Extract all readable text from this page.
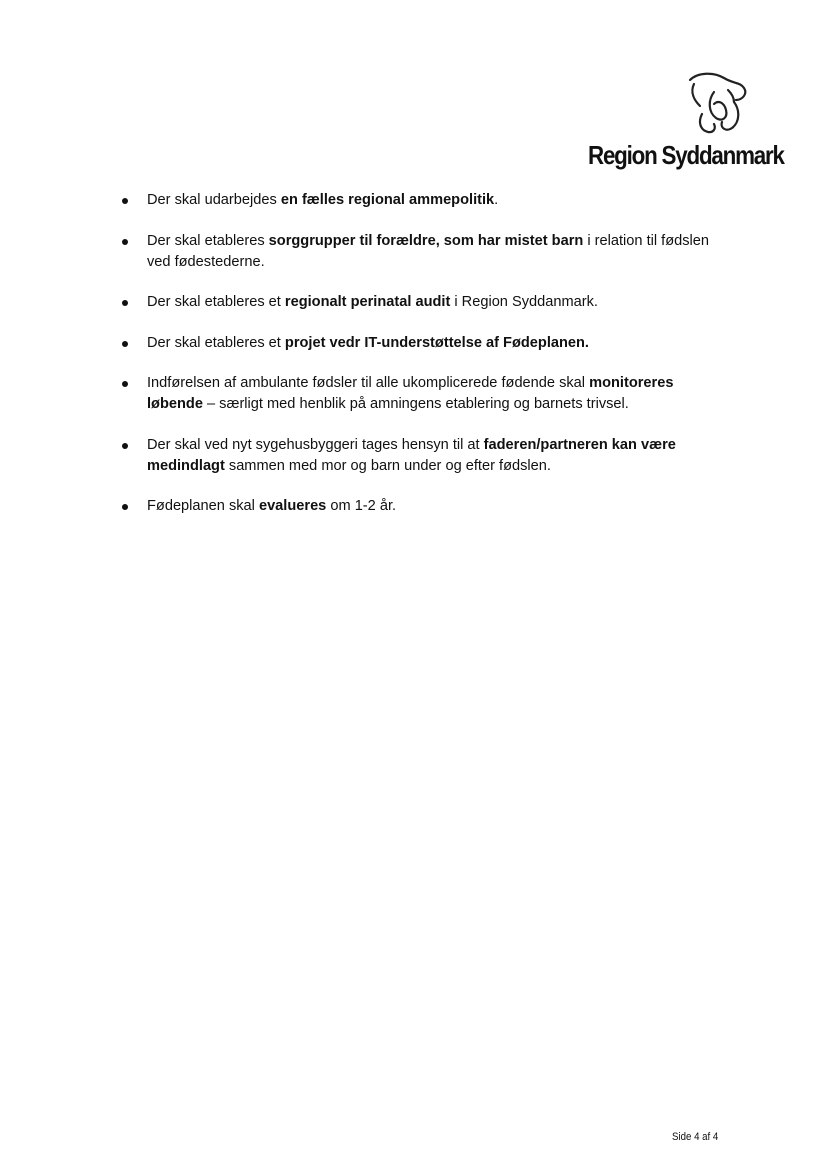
Region Syddanmark
Der skal udarbejdes en fælles regional ammepolitik.
Der skal etableres sorggrupper til forældre, som har mistet barn i relation til fødslen ved fødestederne.
Der skal etableres et regionalt perinatal audit i Region Syddanmark.
Der skal etableres et projet vedr IT-understøttelse af Fødeplanen.
Indførelsen af ambulante fødsler til alle ukomplicerede fødende skal monitoreres løbende – særligt med henblik på amningens etablering og barnets trivsel.
Der skal ved nyt sygehusbyggeri tages hensyn til at faderen/partneren kan være medindlagt sammen med mor og barn under og efter fødslen.
Fødeplanen skal evalueres om 1-2 år.
Side 4 af 4
